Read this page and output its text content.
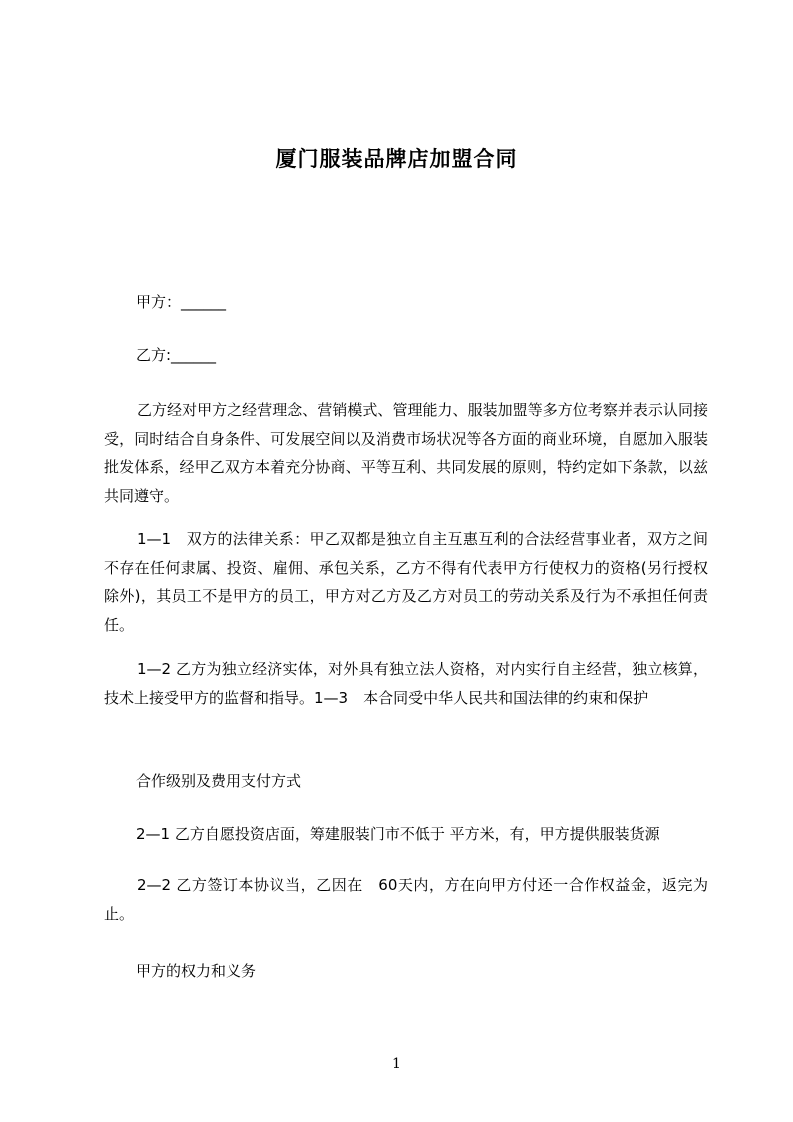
厦门服装品牌店加盟合同
甲方：______
乙方:______
乙方经对甲方之经营理念、营销模式、管理能力、服装加盟等多方位考察并表示认同接受，同时结合自身条件、可发展空间以及消费市场状况等各方面的商业环境，自愿加入服装批发体系，经甲乙双方本着充分协商、平等互利、共同发展的原则，特约定如下条款，以兹共同遵守。
1—1　双方的法律关系：甲乙双都是独立自主互惠互利的合法经营事业者，双方之间不存在任何隶属、投资、雇佣、承包关系，乙方不得有代表甲方行使权力的资格(另行授权除外)，其员工不是甲方的员工，甲方对乙方及乙方对员工的劳动关系及行为不承担任何责任。
1—2 乙方为独立经济实体，对外具有独立法人资格，对内实行自主经营，独立核算，技术上接受甲方的监督和指导。1—3　本合同受中华人民共和国法律的约束和保护
合作级别及费用支付方式
2—1 乙方自愿投资店面，筹建服装门市不低于 平方米，有，甲方提供服装货源
2—2 乙方签订本协议当，乙因在　60天内，方在向甲方付还一合作权益金，返完为止。
甲方的权力和义务
1
